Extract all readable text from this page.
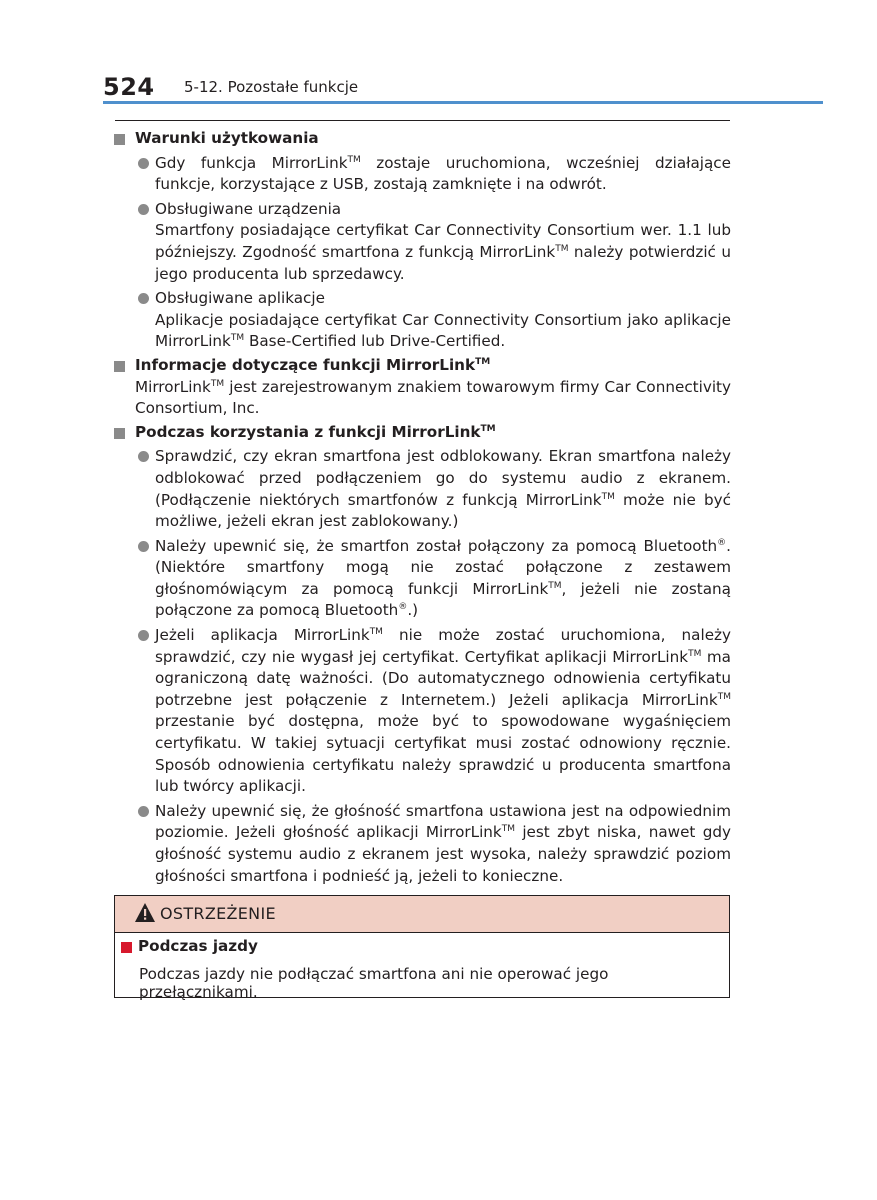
524 5-12. Pozostałe funkcje
Warunki użytkowania
Gdy funkcja MirrorLink™ zostaje uruchomiona, wcześniej działające funkcje, korzystające z USB, zostają zamknięte i na odwrót.
Obsługiwane urządzenia
Smartfony posiadające certyfikat Car Connectivity Consortium wer. 1.1 lub późniejszy. Zgodność smartfona z funkcją MirrorLink™ należy potwierdzić u jego producenta lub sprzedawcy.
Obsługiwane aplikacje
Aplikacje posiadające certyfikat Car Connectivity Consortium jako aplikacje MirrorLink™ Base-Certified lub Drive-Certified.
Informacje dotyczące funkcji MirrorLink™
MirrorLink™ jest zarejestrowanym znakiem towarowym firmy Car Connectivity Consortium, Inc.
Podczas korzystania z funkcji MirrorLink™
Sprawdzić, czy ekran smartfona jest odblokowany. Ekran smartfona należy odblokować przed podłączeniem go do systemu audio z ekranem. (Podłączenie niektórych smartfonów z funkcją MirrorLink™ może nie być możliwe, jeżeli ekran jest zablokowany.)
Należy upewnić się, że smartfon został połączony za pomocą Bluetooth®. (Niektóre smartfony mogą nie zostać połączone z zestawem głośnomówiącym za pomocą funkcji MirrorLink™, jeżeli nie zostaną połączone za pomocą Bluetooth®.)
Jeżeli aplikacja MirrorLink™ nie może zostać uruchomiona, należy sprawdzić, czy nie wygasł jej certyfikat. Certyfikat aplikacji MirrorLink™ ma ograniczoną datę ważności. (Do automatycznego odnowienia certyfikatu potrzebne jest połączenie z Internetem.) Jeżeli aplikacja MirrorLink™ przestanie być dostępna, może być to spowodowane wygaśnięciem certyfikatu. W takiej sytuacji certyfikat musi zostać odnowiony ręcznie. Sposób odnowienia certyfikatu należy sprawdzić u producenta smartfona lub twórcy aplikacji.
Należy upewnić się, że głośność smartfona ustawiona jest na odpowiednim poziomie. Jeżeli głośność aplikacji MirrorLink™ jest zbyt niska, nawet gdy głośność systemu audio z ekranem jest wysoka, należy sprawdzić poziom głośności smartfona i podnieść ją, jeżeli to konieczne.
OSTRZEŻENIE
Podczas jazdy
Podczas jazdy nie podłączać smartfona ani nie operować jego przełącznikami.
